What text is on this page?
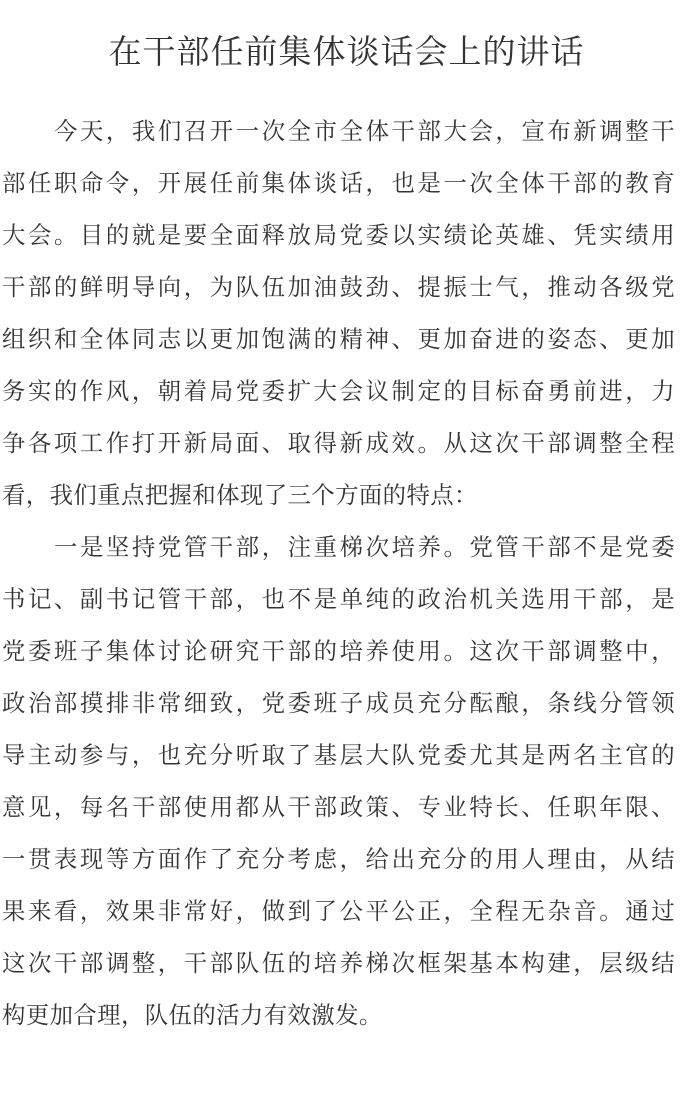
在干部任前集体谈话会上的讲话
今天，我们召开一次全市全体干部大会，宣布新调整干
部任职命令，开展任前集体谈话，也是一次全体干部的教育
大会。目的就是要全面释放局党委以实绩论英雄、凭实绩用
干部的鲜明导向，为队伍加油鼓劲、提振士气，推动各级党
组织和全体同志以更加饱满的精神、更加奋进的姿态、更加
务实的作风，朝着局党委扩大会议制定的目标奋勇前进，力
争各项工作打开新局面、取得新成效。从这次干部调整全程
看，我们重点把握和体现了三个方面的特点：
一是坚持党管干部，注重梯次培养。党管干部不是党委
书记、副书记管干部，也不是单纯的政治机关选用干部，是
党委班子集体讨论研究干部的培养使用。这次干部调整中，
政治部摸排非常细致，党委班子成员充分酝酿，条线分管领
导主动参与，也充分听取了基层大队党委尤其是两名主官的
意见，每名干部使用都从干部政策、专业特长、任职年限、
一贯表现等方面作了充分考虑，给出充分的用人理由，从结
果来看，效果非常好，做到了公平公正，全程无杂音。通过
这次干部调整，干部队伍的培养梯次框架基本构建，层级结
构更加合理，队伍的活力有效激发。
